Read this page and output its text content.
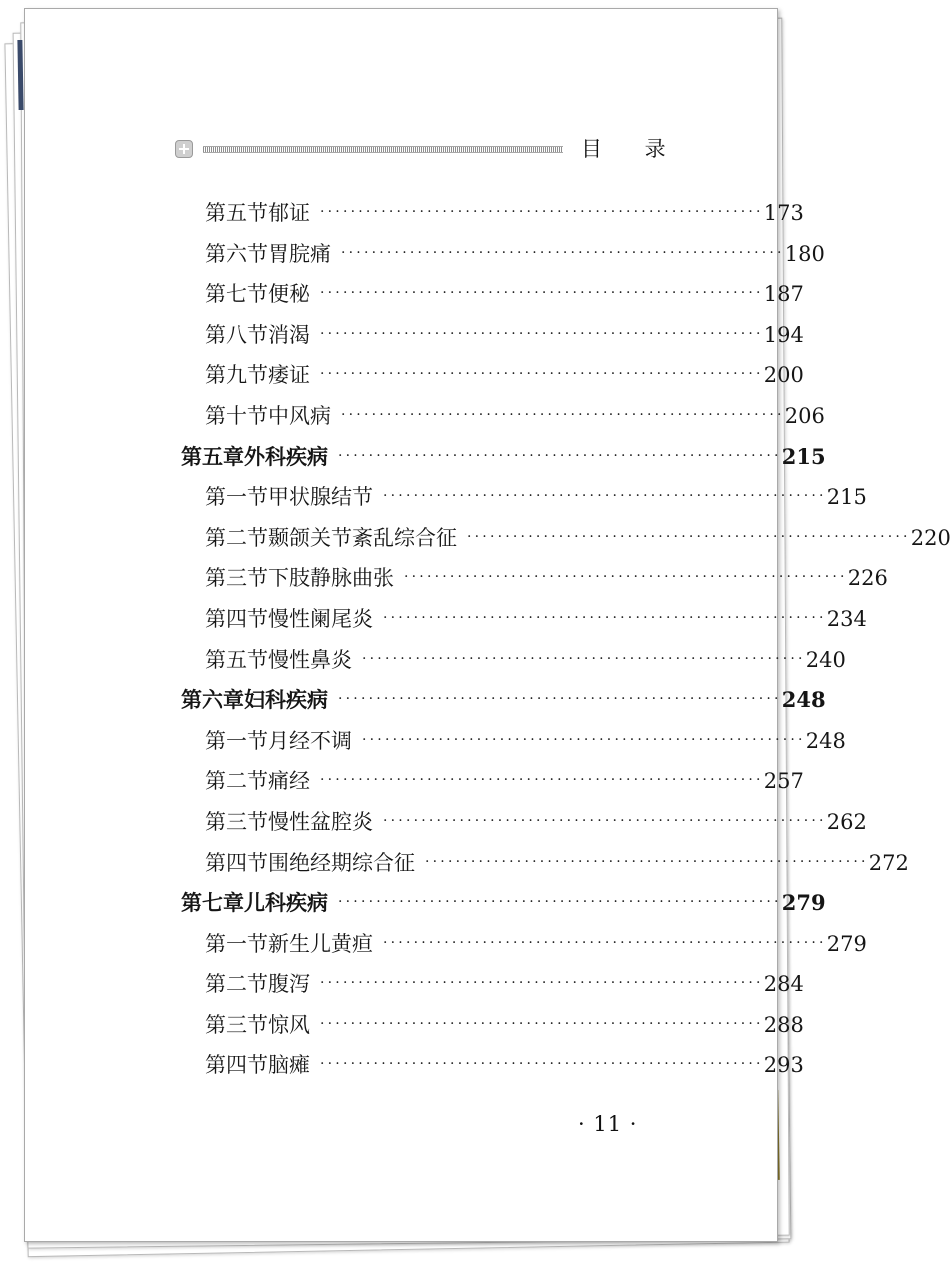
目 录
第五节 郁证 ·························································· 173
第六节 胃脘痛 ·························································· 180
第七节 便秘 ·························································· 187
第八节 消渴 ·························································· 194
第九节 痿证 ·························································· 200
第十节 中风病 ·························································· 206
第五章 外科疾病 ·························································· 215
第一节 甲状腺结节 ·························································· 215
第二节 颞颌关节紊乱综合征 ·························································· 220
第三节 下肢静脉曲张 ·························································· 226
第四节 慢性阑尾炎 ·························································· 234
第五节 慢性鼻炎 ·························································· 240
第六章 妇科疾病 ·························································· 248
第一节 月经不调 ·························································· 248
第二节 痛经 ·························································· 257
第三节 慢性盆腔炎 ·························································· 262
第四节 围绝经期综合征 ·························································· 272
第七章 儿科疾病 ·························································· 279
第一节 新生儿黄疸 ·························································· 279
第二节 腹泻 ·························································· 284
第三节 惊风 ·························································· 288
第四节 脑瘫 ·························································· 293
· 11 ·
